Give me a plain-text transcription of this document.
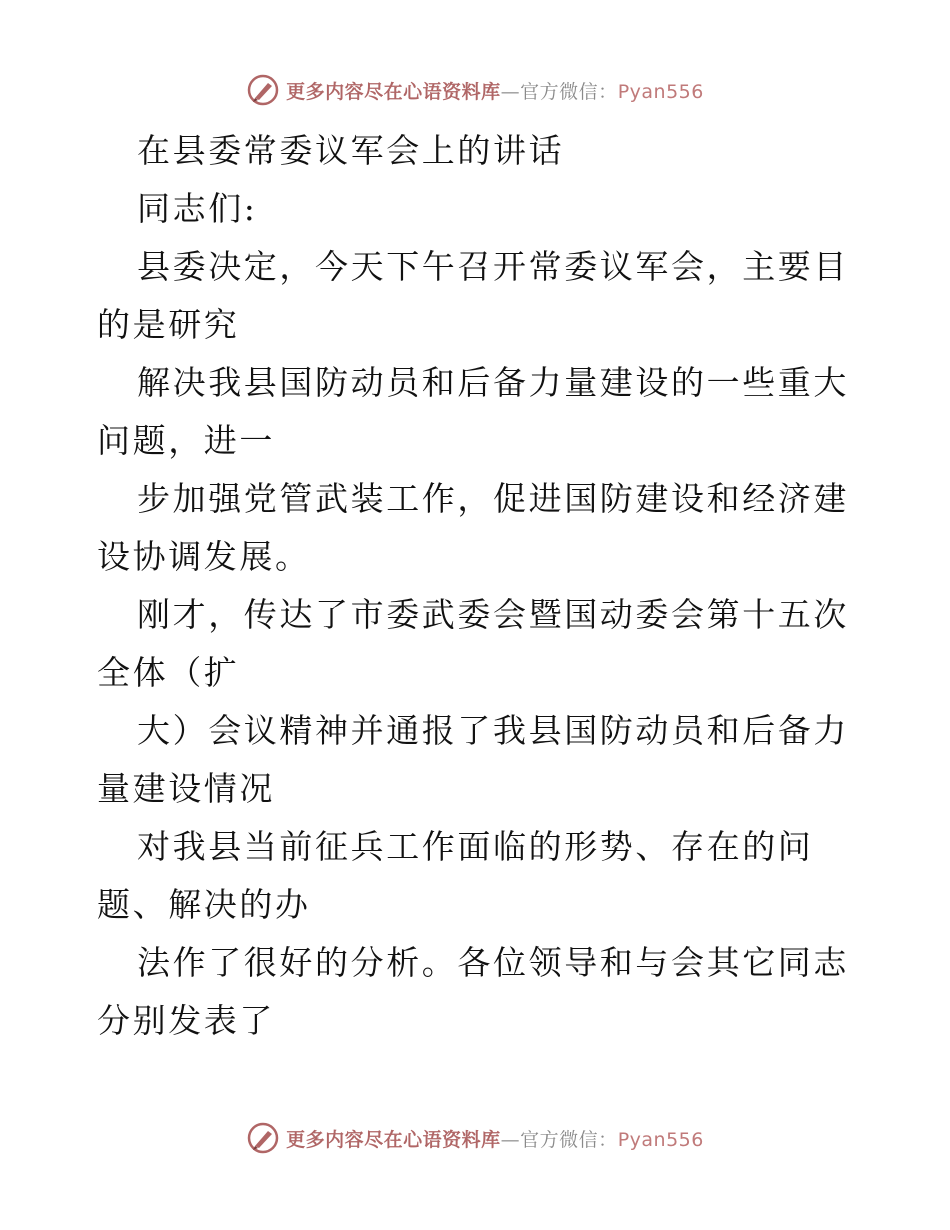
更多内容尽在心语资料库—官方微信：Pyan556

在县委常委议军会上的讲话

同志们:

县委决定，今天下午召开常委议军会，主要目的是研究

解决我县国防动员和后备力量建设的一些重大问题，进一

步加强党管武装工作，促进国防建设和经济建设协调发展。

刚才，传达了市委武委会暨国动委会第十五次全体（扩

大）会议精神并通报了我县国防动员和后备力量建设情况

对我县当前征兵工作面临的形势、存在的问题、解决的办

法作了很好的分析。各位领导和与会其它同志分别发表了

更多内容尽在心语资料库—官方微信：Pyan556
